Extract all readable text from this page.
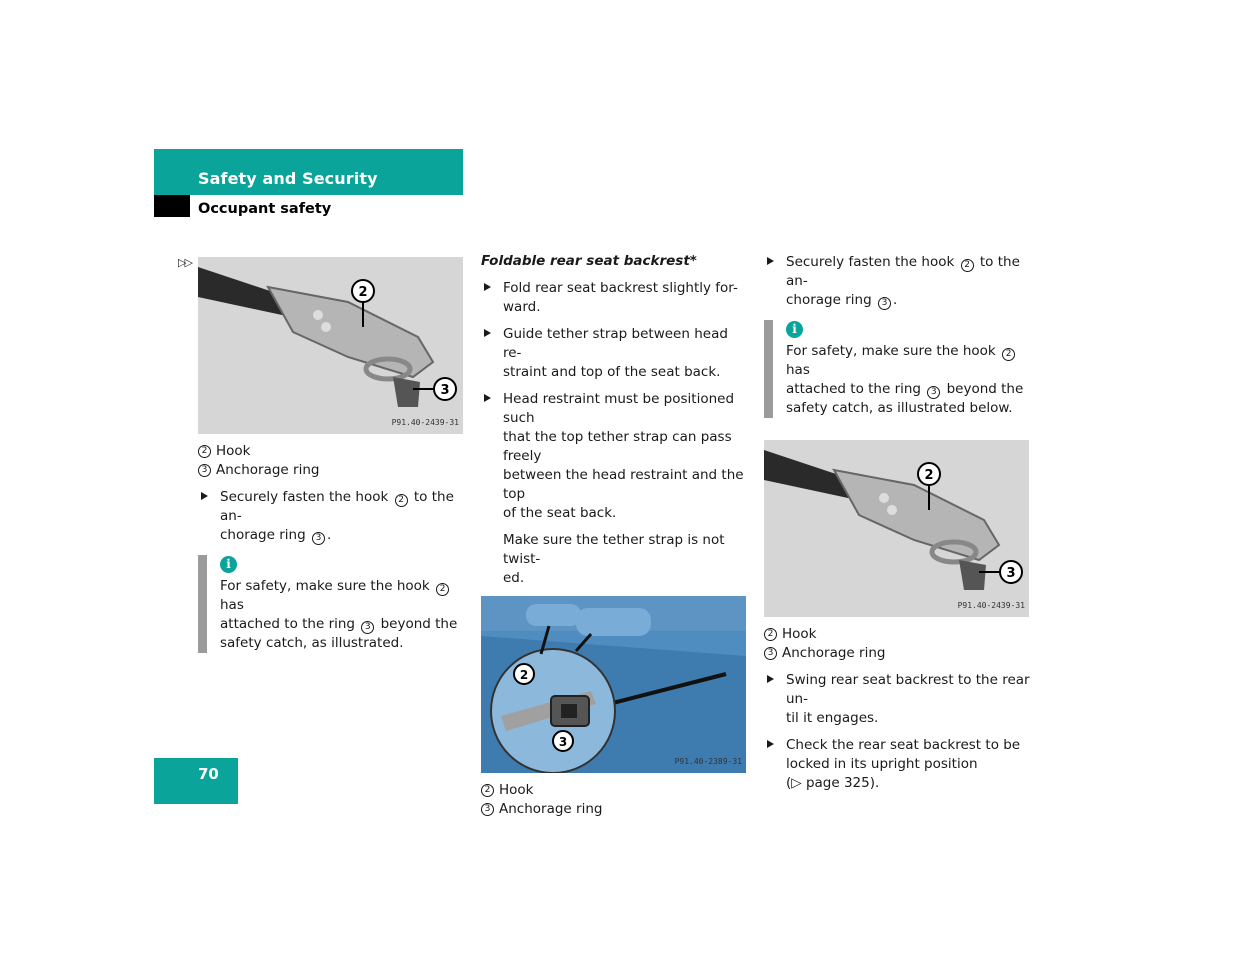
Safety and Security
Occupant safety
▷▷
2
3
P91.40-2439-31
2 Hook
3 Anchorage ring
Securely fasten the hook 2 to the an-
chorage ring 3 .
i
For safety, make sure the hook 2 has
attached to the ring 3 beyond the
safety catch, as illustrated.

Foldable rear seat backrest*

Fold rear seat backrest slightly for-
ward.
Guide tether strap between head re-
straint and top of the seat back.
Head restraint must be positioned such
that the top tether strap can pass freely
between the head restraint and the top
of the seat back.
Make sure the tether strap is not twist-
ed.
2
3
P91.40-2389-31
2 Hook
3 Anchorage ring
Securely fasten the hook 2 to the an-
chorage ring 3 .
i
For safety, make sure the hook 2 has
attached to the ring 3 beyond the
safety catch, as illustrated below.
2
3
P91.40-2439-31
2 Hook
3 Anchorage ring
Swing rear seat backrest to the rear un-
til it engages.
Check the rear seat backrest to be
locked in its upright position
(▷ page 325).
70
